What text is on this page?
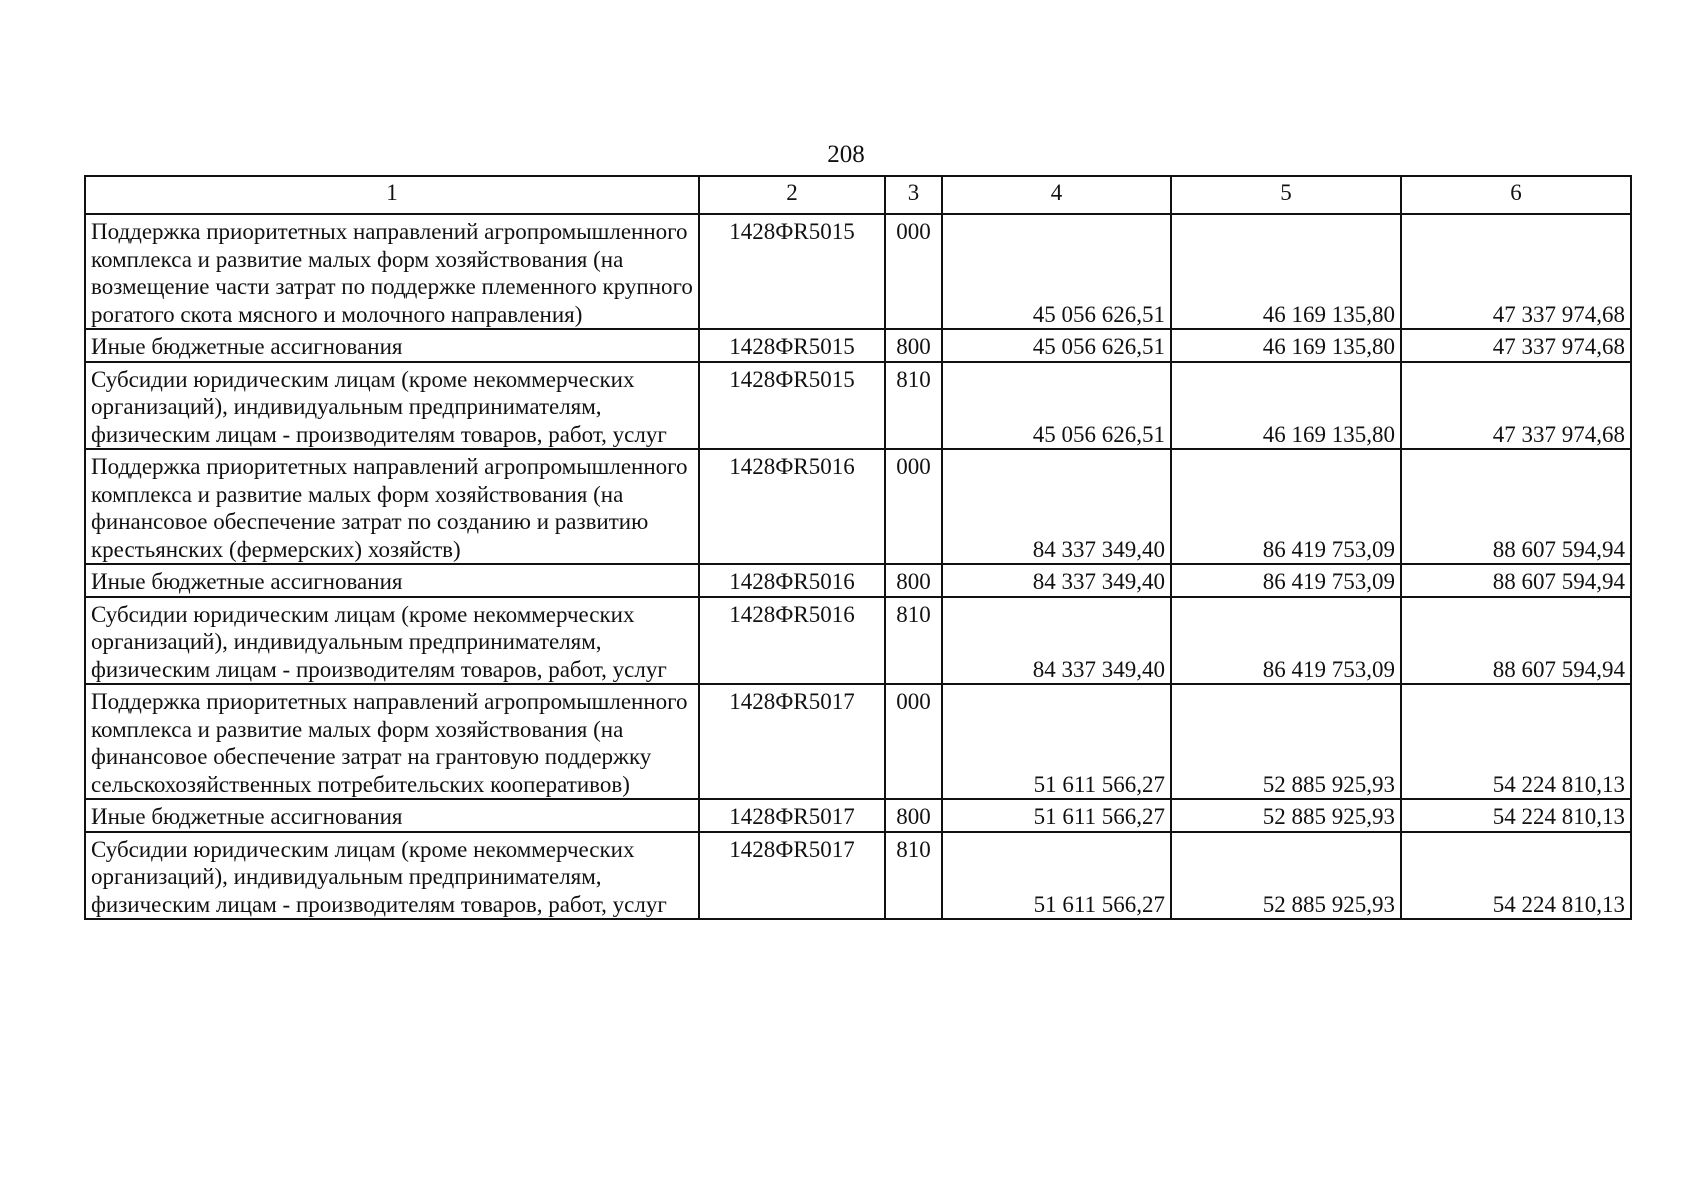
208
1	2	3	4	5	6
Поддержка приоритетных направлений агропромышленного комплекса и развитие малых форм хозяйствования (на возмещение части затрат по поддержке племенного крупного рогатого скота мясного и молочного направления)	1428ФR5015	000	45 056 626,51	46 169 135,80	47 337 974,68
Иные бюджетные ассигнования	1428ФR5015	800	45 056 626,51	46 169 135,80	47 337 974,68
Субсидии юридическим лицам (кроме некоммерческих организаций), индивидуальным предпринимателям, физическим лицам - производителям товаров, работ, услуг	1428ФR5015	810	45 056 626,51	46 169 135,80	47 337 974,68
Поддержка приоритетных направлений агропромышленного комплекса и развитие малых форм хозяйствования (на финансовое обеспечение затрат по созданию и развитию крестьянских (фермерских) хозяйств)	1428ФR5016	000	84 337 349,40	86 419 753,09	88 607 594,94
Иные бюджетные ассигнования	1428ФR5016	800	84 337 349,40	86 419 753,09	88 607 594,94
Субсидии юридическим лицам (кроме некоммерческих организаций), индивидуальным предпринимателям, физическим лицам - производителям товаров, работ, услуг	1428ФR5016	810	84 337 349,40	86 419 753,09	88 607 594,94
Поддержка приоритетных направлений агропромышленного комплекса и развитие малых форм хозяйствования (на финансовое обеспечение затрат на грантовую поддержку сельскохозяйственных потребительских кооперативов)	1428ФR5017	000	51 611 566,27	52 885 925,93	54 224 810,13
Иные бюджетные ассигнования	1428ФR5017	800	51 611 566,27	52 885 925,93	54 224 810,13
Субсидии юридическим лицам (кроме некоммерческих организаций), индивидуальным предпринимателям, физическим лицам - производителям товаров, работ, услуг	1428ФR5017	810	51 611 566,27	52 885 925,93	54 224 810,13
